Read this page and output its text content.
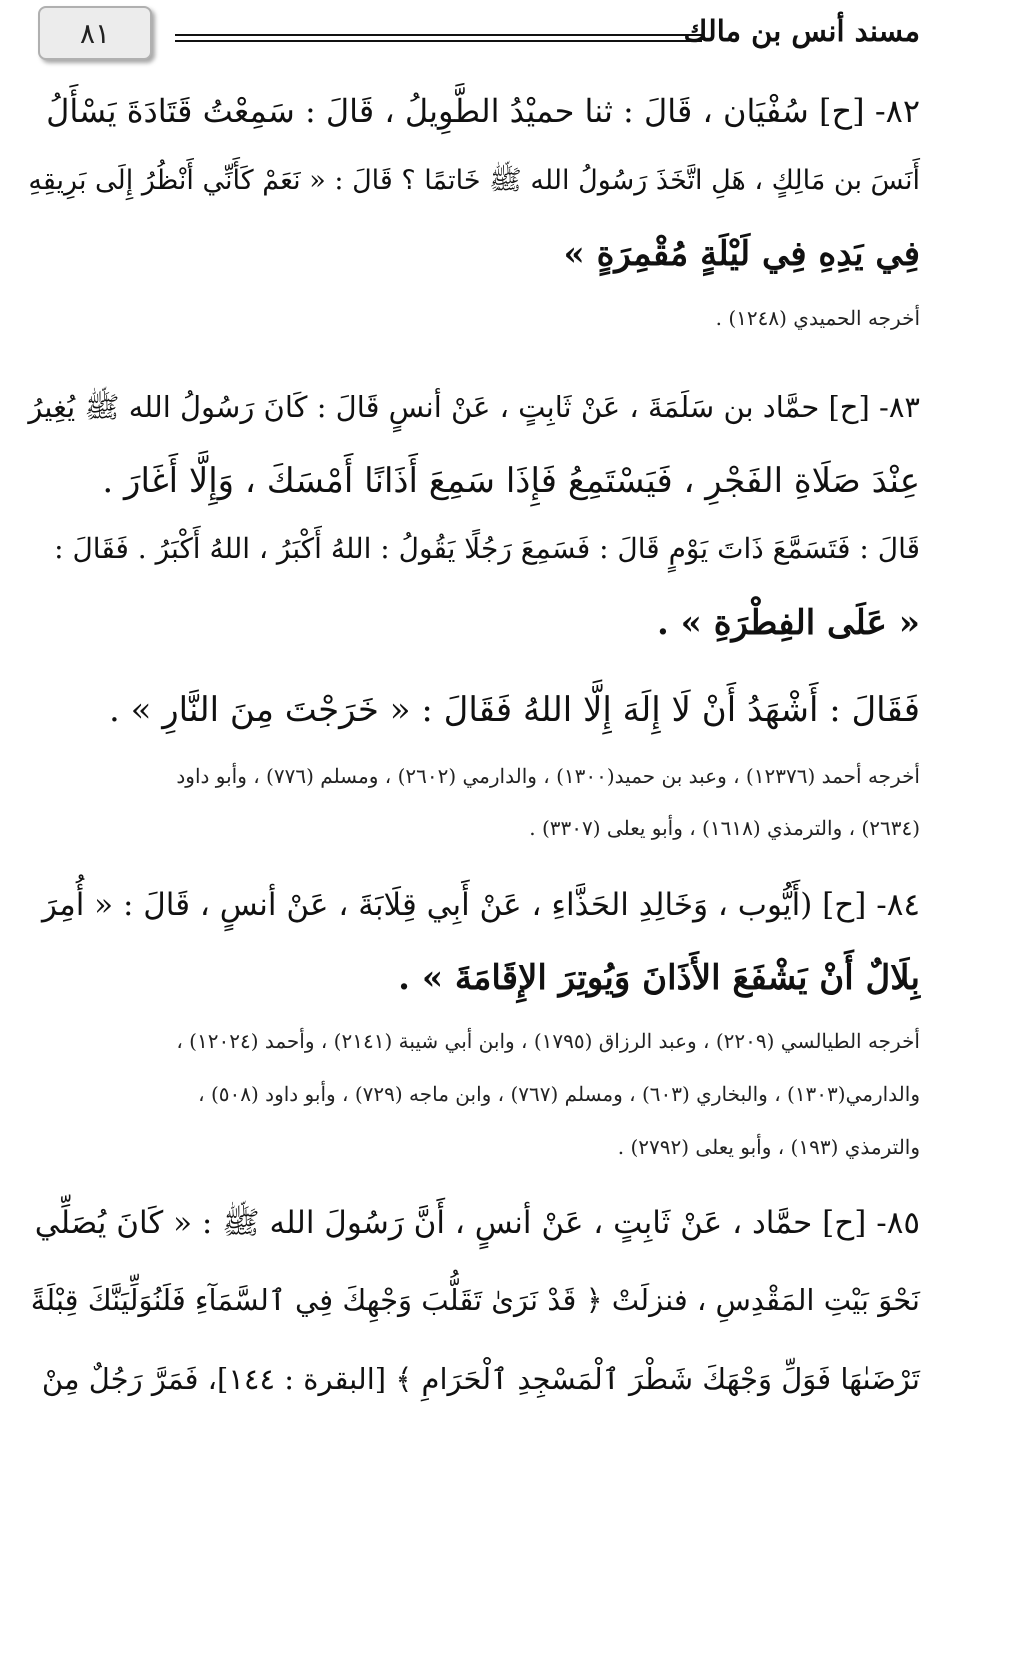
٨١	مسند أنس بن مالك
٨٢- [ح] سُفْيَان ، قَالَ : ثنا حميْدُ الطَّوِيلُ ، قَالَ : سَمِعْتُ قَتَادَةَ يَسْأَلُ
أَنَسَ بن مَالِكٍ ، هَلِ اتَّخَذَ رَسُولُ الله ﷺ خَاتمًا ؟ قَالَ : « نَعَمْ كَأَنِّي أَنْظُرُ إِلَى بَرِيقِهِ
فِي يَدِهِ فِي لَيْلَةٍ مُقْمِرَةٍ »
أخرجه الحميدي (١٢٤٨) .
٨٣- [ح] حمَّاد بن سَلَمَةَ ، عَنْ ثَابِتٍ ، عَنْ أنسٍ قَالَ : كَانَ رَسُولُ الله ﷺ يُغِيرُ
عِنْدَ صَلَاةِ الفَجْرِ ، فَيَسْتَمِعُ فَإِذَا سَمِعَ أَذَانًا أَمْسَكَ ، وَإِلَّا أَغَارَ .
قَالَ : فَتَسَمَّعَ ذَاتَ يَوْمٍ قَالَ : فَسَمِعَ رَجُلًا يَقُولُ : اللهُ أَكْبَرُ ، اللهُ أَكْبَرُ . فَقَالَ :
« عَلَى الفِطْرَةِ » .
فَقَالَ : أَشْهَدُ أَنْ لَا إِلَهَ إِلَّا اللهُ فَقَالَ : « خَرَجْتَ مِنَ النَّارِ » .
أخرجه أحمد (١٢٣٧٦) ، وعبد بن حميد(١٣٠٠) ، والدارمي (٢٦٠٢) ، ومسلم (٧٧٦) ، وأبو داود
(٢٦٣٤) ، والترمذي (١٦١٨) ، وأبو يعلى (٣٣٠٧) .
٨٤- [ح] (أَيُّوب ، وَخَالِدِ الحَذَّاءِ ، عَنْ أَبِي قِلَابَةَ ، عَنْ أنسٍ ، قَالَ : « أُمِرَ
بِلَالٌ أَنْ يَشْفَعَ الأَذَانَ وَيُوتِرَ الإِقَامَةَ » .
أخرجه الطيالسي (٢٢٠٩) ، وعبد الرزاق (١٧٩٥) ، وابن أبي شيبة (٢١٤١) ، وأحمد (١٢٠٢٤) ،
والدارمي(١٣٠٣) ، والبخاري (٦٠٣) ، ومسلم (٧٦٧) ، وابن ماجه (٧٢٩) ، وأبو داود (٥٠٨) ،
والترمذي (١٩٣) ، وأبو يعلى (٢٧٩٢) .
٨٥- [ح] حمَّاد ، عَنْ ثَابِتٍ ، عَنْ أنسٍ ، أَنَّ رَسُولَ الله ﷺ : « كَانَ يُصَلِّي
نَحْوَ بَيْتِ المَقْدِسِ ، فنزلَتْ ﴿ قَدْ نَرَىٰ تَقَلُّبَ وَجْهِكَ فِي ٱلسَّمَآءِ فَلَنُوَلِّيَنَّكَ قِبْلَةً
تَرْضَىٰهَا فَوَلِّ وَجْهَكَ شَطْرَ ٱلْمَسْجِدِ ٱلْحَرَامِ ﴾ [البقرة : ١٤٤]، فَمَرَّ رَجُلٌ مِنْ
